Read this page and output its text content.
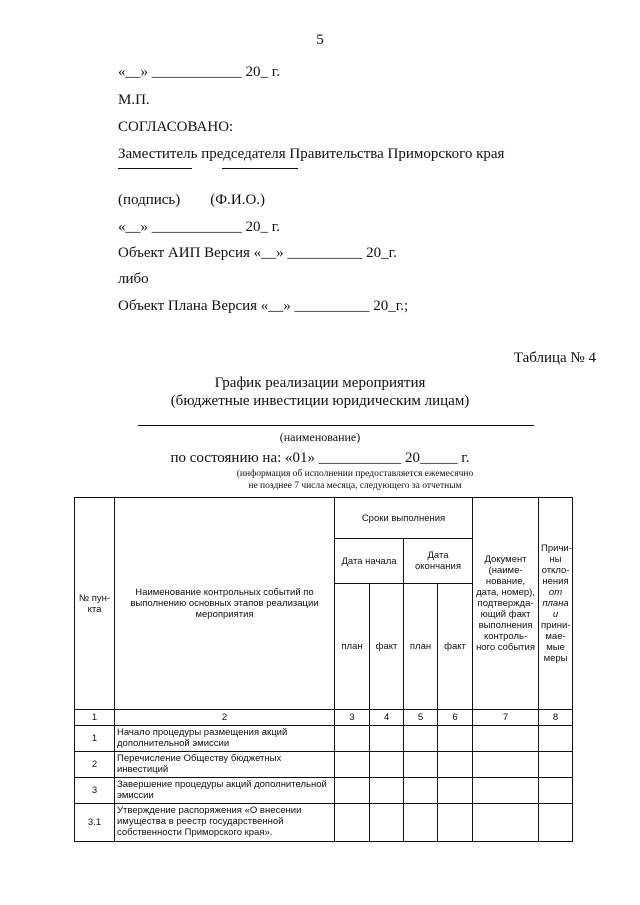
5
«__» ____________ 20_ г.
М.П.
СОГЛАСОВАНО:
Заместитель председателя Правительства Приморского края
(подпись)        (Ф.И.О.)
«__» ____________ 20_ г.
Объект АИП Версия «__» __________ 20_г.
либо
Объект Плана Версия «__» __________ 20_г.;
Таблица № 4
График реализации мероприятия
(бюджетные инвестиции юридическим лицам)
(наименование)
по состоянию на: «01» ___________ 20_____ г.
(информация об исполнении предоставляется ежемесячно
не позднее 7 числа месяца, следующего за отчетным
№ пун-кта	Наименование контрольных событий по выполнению основных этапов реализации мероприятия	Сроки выполнения				Документ (наиме-нование, дата, номер), подтвержда-ющий факт выполнения контроль-ного события	Причи-ны откло-нения от плана и прини-мае-мые меры
		Дата начала		Дата окончания			
		план	факт	план	факт		
1	2	3	4	5	6	7	8
1	Начало процедуры размещения акций дополнительной эмиссии						
2	Перечисление Обществу бюджетных инвестиций						
3	Завершение процедуры акций дополнительной эмиссии						
3.1	Утверждение распоряжения «О внесении имущества в реестр государственной собственности Приморского края».						
